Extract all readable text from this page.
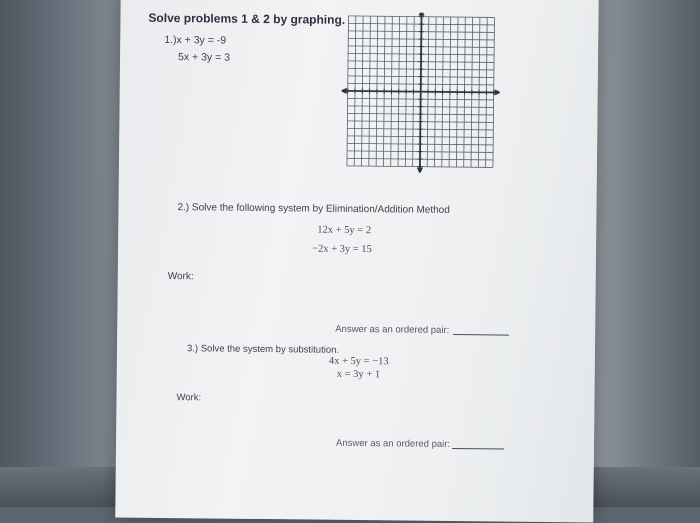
Solve problems 1 & 2 by graphing.
1.)x + 3y = -9
5x + 3y = 3
2.) Solve the following system by Elimination/Addition Method
12x + 5y = 2
−2x + 3y = 15
Work:
Answer as an ordered pair:
3.) Solve the system by substitution.
4x + 5y = −13
x = 3y + 1
Work:
Answer as an ordered pair:
